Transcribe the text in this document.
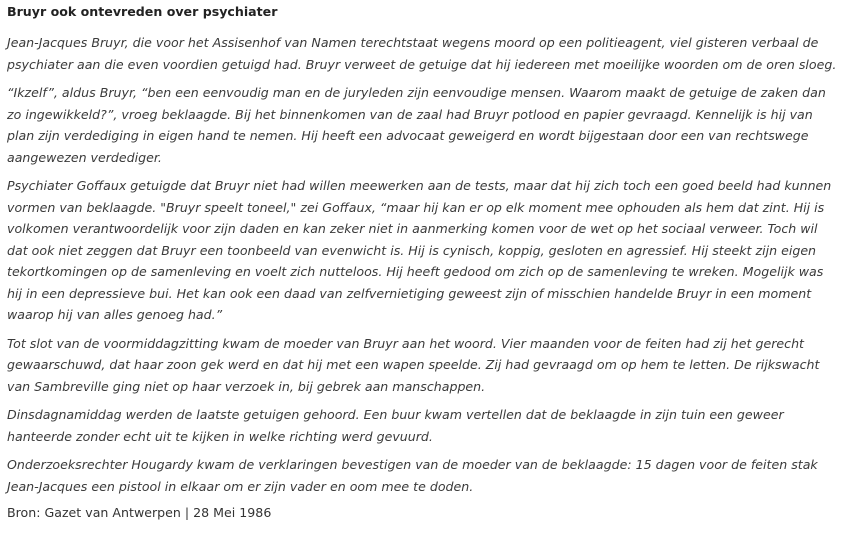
Bruyr ook ontevreden over psychiater

Jean-Jacques Bruyr, die voor het Assisenhof van Namen terechtstaat wegens moord op een politieagent, viel gisteren verbaal de psychiater aan die even voordien getuigd had. Bruyr verweet de getuige dat hij iedereen met moeilijke woorden om de oren sloeg.

“Ikzelf”, aldus Bruyr, “ben een eenvoudig man en de juryleden zijn eenvoudige mensen. Waarom maakt de getuige de zaken dan zo ingewikkeld?”, vroeg beklaagde. Bij het binnenkomen van de zaal had Bruyr potlood en papier gevraagd. Kennelijk is hij van plan zijn verdediging in eigen hand te nemen. Hij heeft een advocaat geweigerd en wordt bijgestaan door een van rechtswege aangewezen verdediger.

Psychiater Goffaux getuigde dat Bruyr niet had willen meewerken aan de tests, maar dat hij zich toch een goed beeld had kunnen vormen van beklaagde. "Bruyr speelt toneel," zei Goffaux, “maar hij kan er op elk moment mee ophouden als hem dat zint. Hij is volkomen verantwoordelijk voor zijn daden en kan zeker niet in aanmerking komen voor de wet op het sociaal verweer. Toch wil dat ook niet zeggen dat Bruyr een toonbeeld van evenwicht is. Hij is cynisch, koppig, gesloten en agressief. Hij steekt zijn eigen tekortkomingen op de samenleving en voelt zich nutteloos. Hij heeft gedood om zich op de samenleving te wreken. Mogelijk was hij in een depressieve bui. Het kan ook een daad van zelfvernietiging geweest zijn of misschien handelde Bruyr in een moment waarop hij van alles genoeg had.”

Tot slot van de voormiddagzitting kwam de moeder van Bruyr aan het woord. Vier maanden voor de feiten had zij het gerecht gewaarschuwd, dat haar zoon gek werd en dat hij met een wapen speelde. Zij had gevraagd om op hem te letten. De rijkswacht van Sambreville ging niet op haar verzoek in, bij gebrek aan manschappen.

Dinsdagnamiddag werden de laatste getuigen gehoord. Een buur kwam vertellen dat de beklaagde in zijn tuin een geweer hanteerde zonder echt uit te kijken in welke richting werd gevuurd.

Onderzoeksrechter Hougardy kwam de verklaringen bevestigen van de moeder van de beklaagde: 15 dagen voor de feiten stak Jean-Jacques een pistool in elkaar om er zijn vader en oom mee te doden.

Bron: Gazet van Antwerpen | 28 Mei 1986
